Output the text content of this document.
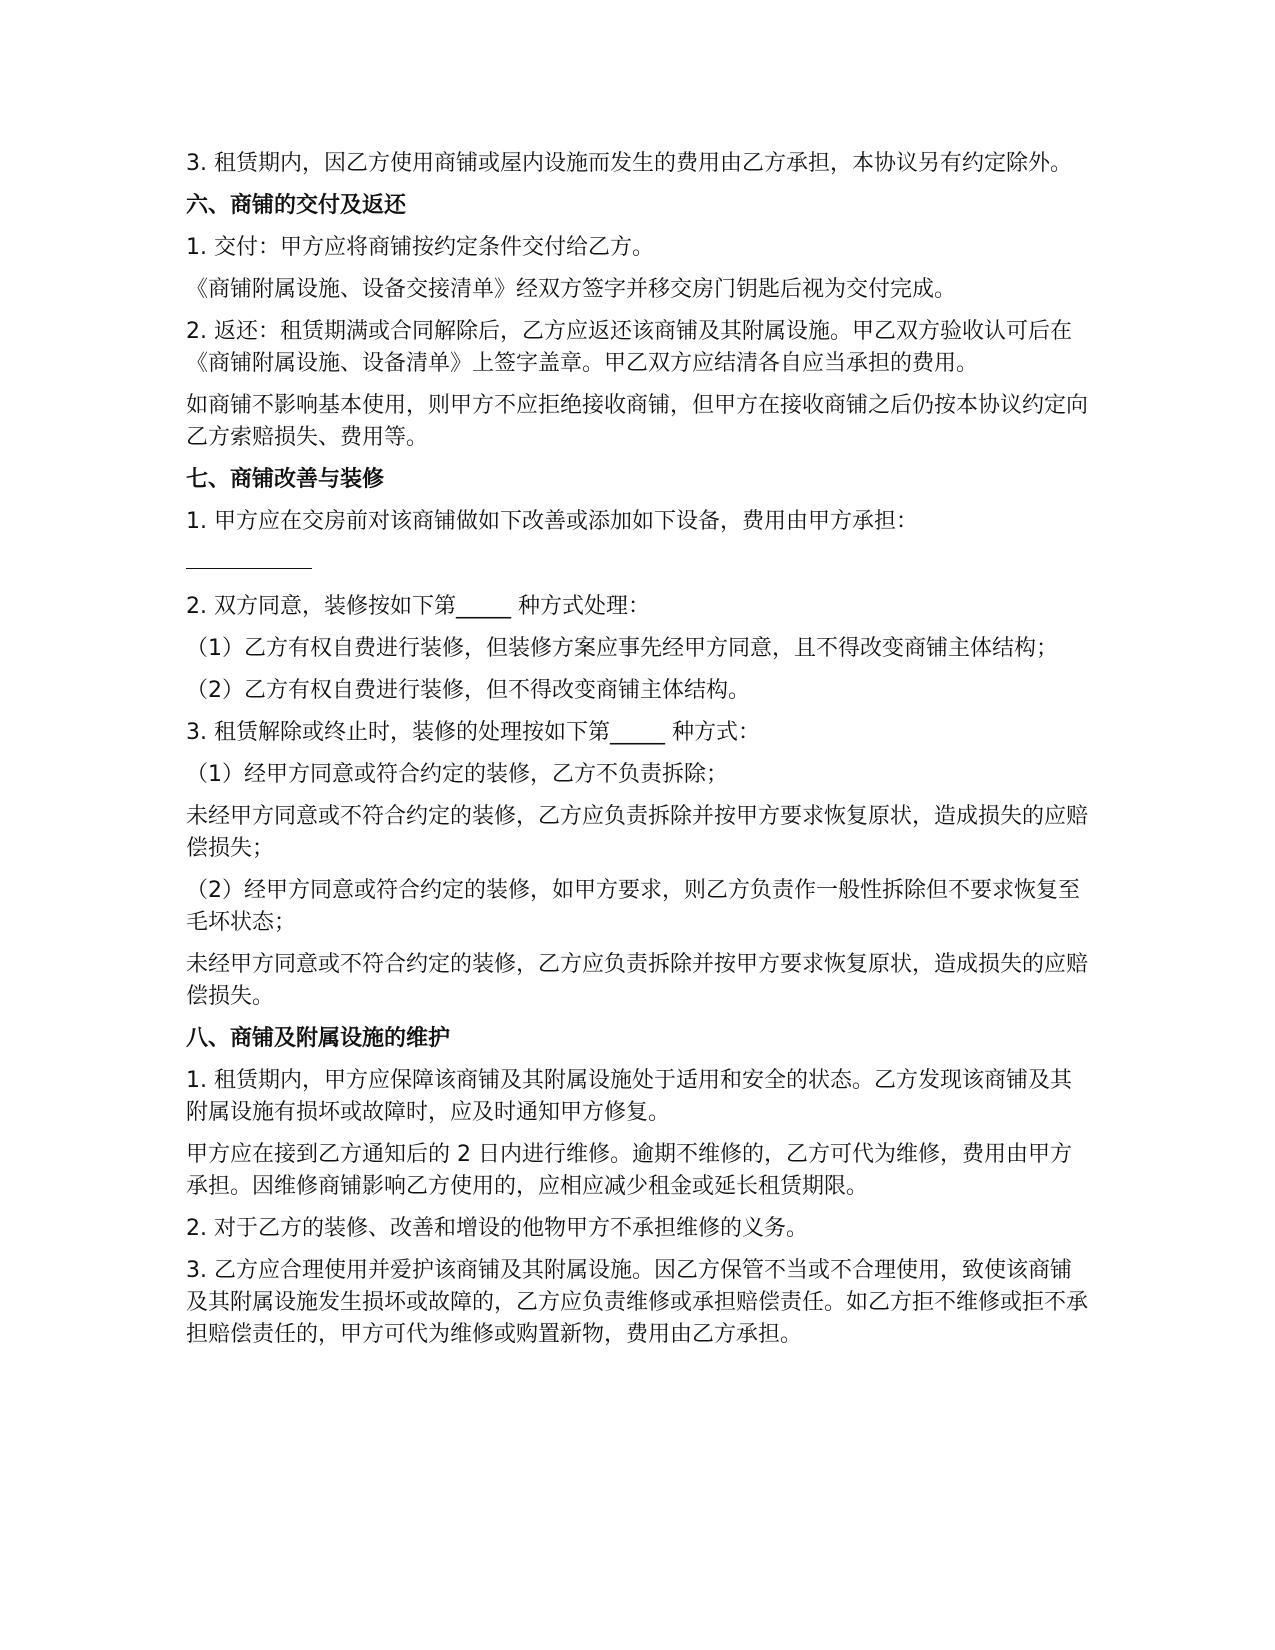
3. 租赁期内，因乙方使用商铺或屋内设施而发生的费用由乙方承担，本协议另有约定除外。

六、商铺的交付及返还

1. 交付：甲方应将商铺按约定条件交付给乙方。

《商铺附属设施、设备交接清单》经双方签字并移交房门钥匙后视为交付完成。

2. 返还：租赁期满或合同解除后，乙方应返还该商铺及其附属设施。甲乙双方验收认可后在《商铺附属设施、设备清单》上签字盖章。甲乙双方应结清各自应当承担的费用。

如商铺不影响基本使用，则甲方不应拒绝接收商铺，但甲方在接收商铺之后仍按本协议约定向乙方索赔损失、费用等。

七、商铺改善与装修

1. 甲方应在交房前对该商铺做如下改善或添加如下设备，费用由甲方承担：

2. 双方同意，装修按如下第_____ 种方式处理：

（1）乙方有权自费进行装修，但装修方案应事先经甲方同意，且不得改变商铺主体结构；

（2）乙方有权自费进行装修，但不得改变商铺主体结构。

3. 租赁解除或终止时，装修的处理按如下第_____ 种方式：

（1）经甲方同意或符合约定的装修，乙方不负责拆除；

未经甲方同意或不符合约定的装修，乙方应负责拆除并按甲方要求恢复原状，造成损失的应赔偿损失；

（2）经甲方同意或符合约定的装修，如甲方要求，则乙方负责作一般性拆除但不要求恢复至毛坏状态；

未经甲方同意或不符合约定的装修，乙方应负责拆除并按甲方要求恢复原状，造成损失的应赔偿损失。

八、商铺及附属设施的维护

1. 租赁期内，甲方应保障该商铺及其附属设施处于适用和安全的状态。乙方发现该商铺及其附属设施有损坏或故障时，应及时通知甲方修复。

甲方应在接到乙方通知后的 2 日内进行维修。逾期不维修的，乙方可代为维修，费用由甲方承担。因维修商铺影响乙方使用的，应相应减少租金或延长租赁期限。

2. 对于乙方的装修、改善和增设的他物甲方不承担维修的义务。

3. 乙方应合理使用并爱护该商铺及其附属设施。因乙方保管不当或不合理使用，致使该商铺及其附属设施发生损坏或故障的，乙方应负责维修或承担赔偿责任。如乙方拒不维修或拒不承担赔偿责任的，甲方可代为维修或购置新物，费用由乙方承担。
